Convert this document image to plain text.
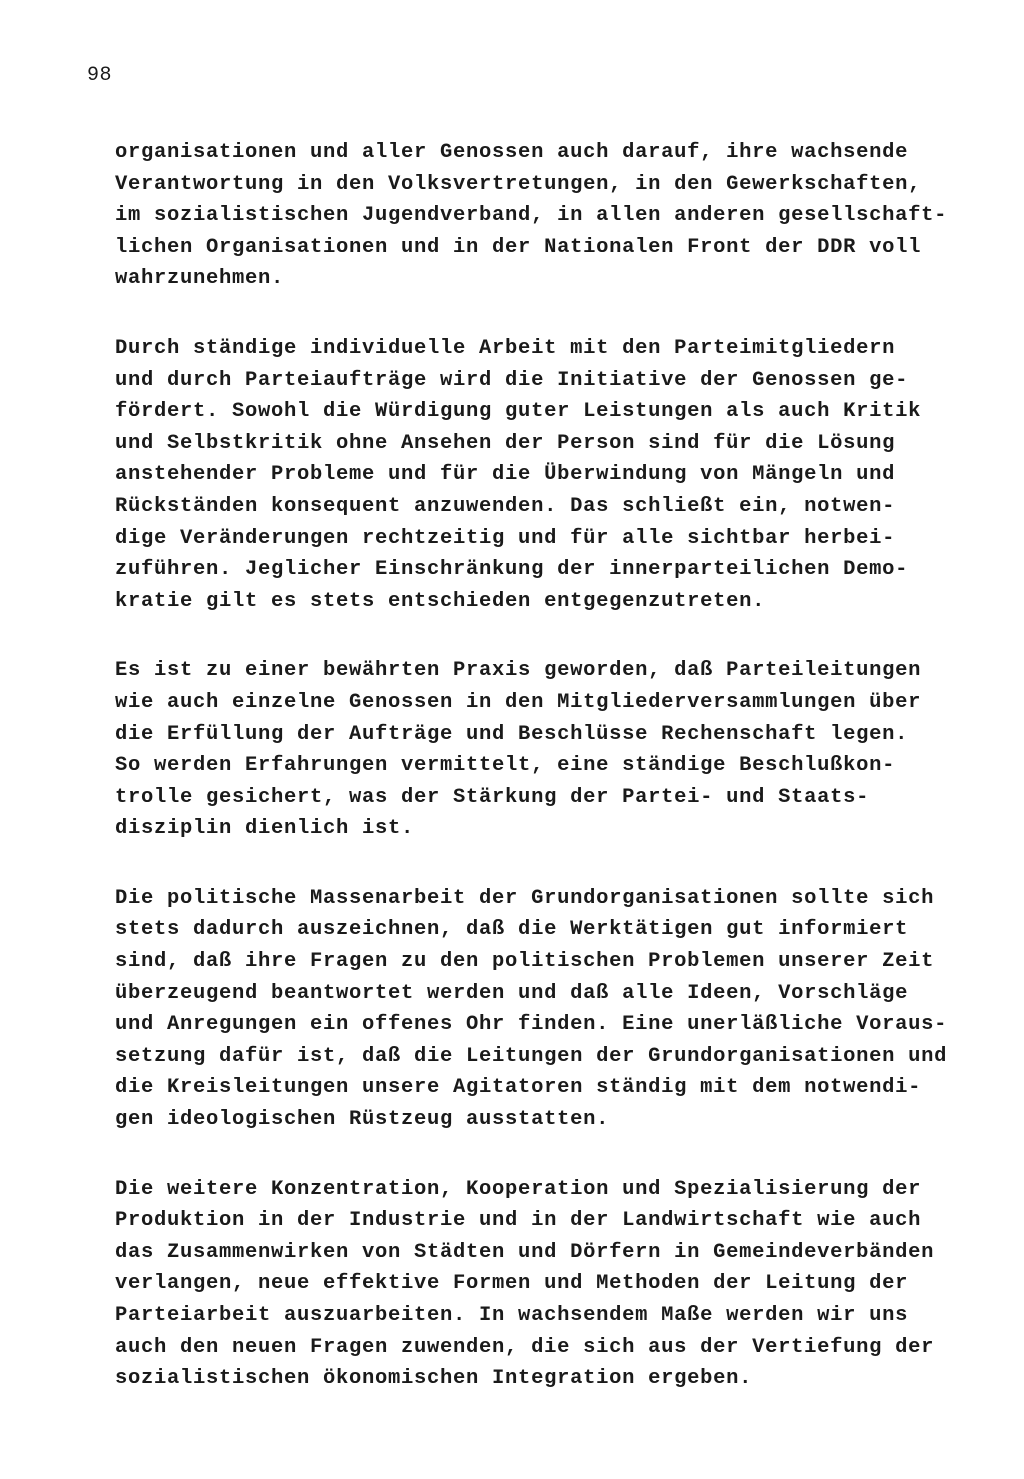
98
organisationen und aller Genossen auch darauf, ihre wachsende
Verantwortung in den Volksvertretungen, in den Gewerkschaften,
im sozialistischen Jugendverband, in allen anderen gesellschaft-
lichen Organisationen und in der Nationalen Front der DDR voll
wahrzunehmen.
Durch ständige individuelle Arbeit mit den Parteimitgliedern
und durch Parteiaufträge wird die Initiative der Genossen ge-
fördert. Sowohl die Würdigung guter Leistungen als auch Kritik
und Selbstkritik ohne Ansehen der Person sind für die Lösung
anstehender Probleme und für die Überwindung von Mängeln und
Rückständen konsequent anzuwenden. Das schließt ein, notwen-
dige Veränderungen rechtzeitig und für alle sichtbar herbei-
zuführen. Jeglicher Einschränkung der innerparteilichen Demo-
kratie gilt es stets entschieden entgegenzutreten.
Es ist zu einer bewährten Praxis geworden, daß Parteileitungen
wie auch einzelne Genossen in den Mitgliederversammlungen über
die Erfüllung der Aufträge und Beschlüsse Rechenschaft legen.
So werden Erfahrungen vermittelt, eine ständige Beschlußkon-
trolle gesichert, was der Stärkung der Partei- und Staats-
disziplin dienlich ist.
Die politische Massenarbeit der Grundorganisationen sollte sich
stets dadurch auszeichnen, daß die Werktätigen gut informiert
sind, daß ihre Fragen zu den politischen Problemen unserer Zeit
überzeugend beantwortet werden und daß alle Ideen, Vorschläge
und Anregungen ein offenes Ohr finden. Eine unerläßliche Voraus-
setzung dafür ist, daß die Leitungen der Grundorganisationen und
die Kreisleitungen unsere Agitatoren ständig mit dem notwendi-
gen ideologischen Rüstzeug ausstatten.
Die weitere Konzentration, Kooperation und Spezialisierung der
Produktion in der Industrie und in der Landwirtschaft wie auch
das Zusammenwirken von Städten und Dörfern in Gemeindeverbänden
verlangen, neue effektive Formen und Methoden der Leitung der
Parteiarbeit auszuarbeiten. In wachsendem Maße werden wir uns
auch den neuen Fragen zuwenden, die sich aus der Vertiefung der
sozialistischen ökonomischen Integration ergeben.
